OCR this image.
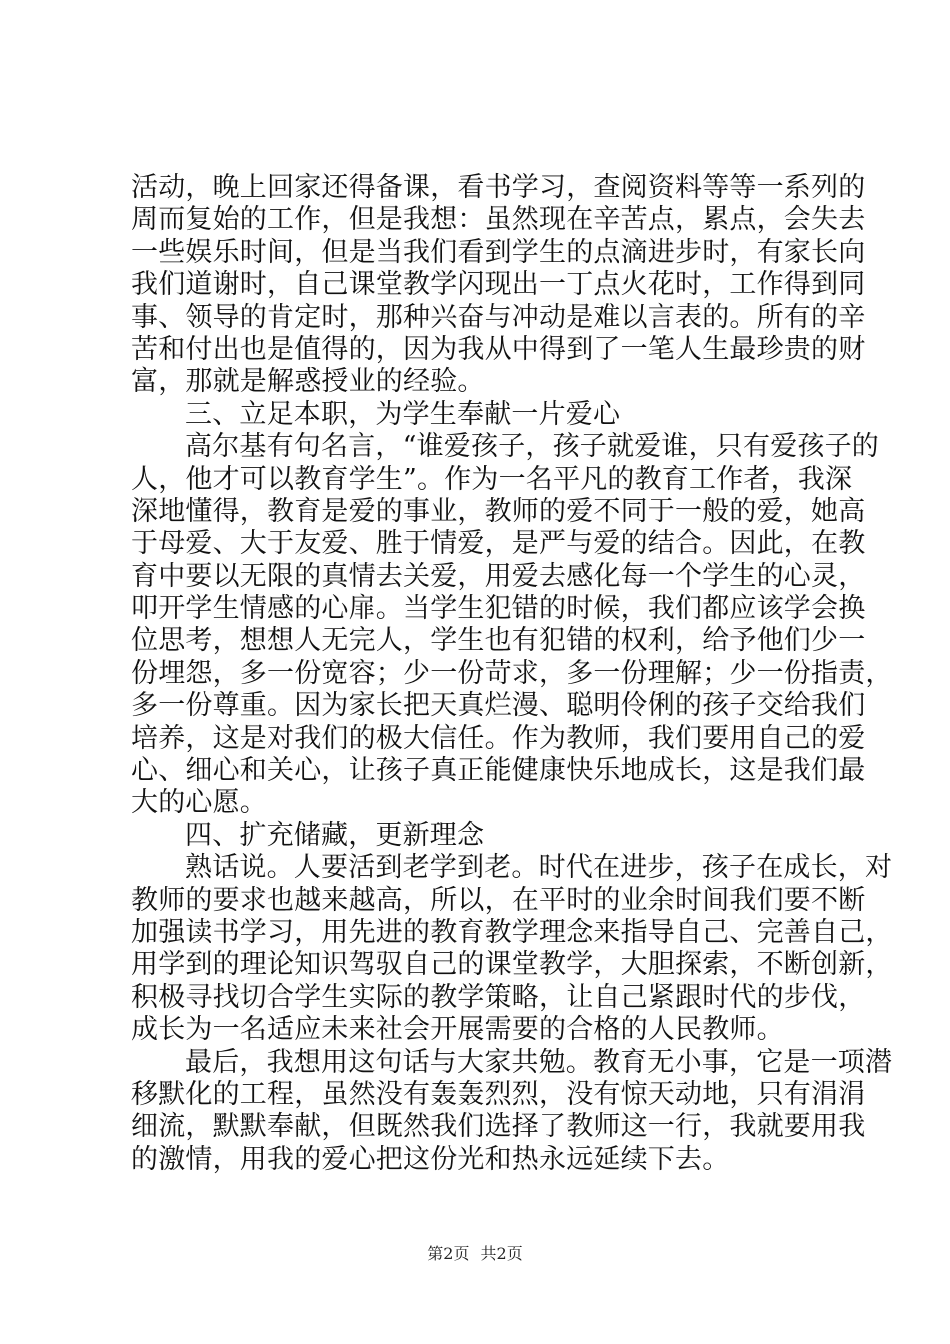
活动，晚上回家还得备课，看书学习，查阅资料等等一系列的
周而复始的工作，但是我想：虽然现在辛苦点，累点，会失去
一些娱乐时间，但是当我们看到学生的点滴进步时，有家长向
我们道谢时，自己课堂教学闪现出一丁点火花时，工作得到同
事、领导的肯定时，那种兴奋与冲动是难以言表的。所有的辛
苦和付出也是值得的，因为我从中得到了一笔人生最珍贵的财
富，那就是解惑授业的经验。
三、立足本职，为学生奉献一片爱心
高尔基有句名言，“谁爱孩子，孩子就爱谁，只有爱孩子的
人，他才可以教育学生”。作为一名平凡的教育工作者，我深
深地懂得，教育是爱的事业，教师的爱不同于一般的爱，她高
于母爱、大于友爱、胜于情爱，是严与爱的结合。因此，在教
育中要以无限的真情去关爱，用爱去感化每一个学生的心灵，
叩开学生情感的心扉。当学生犯错的时候，我们都应该学会换
位思考，想想人无完人，学生也有犯错的权利，给予他们少一
份埋怨，多一份宽容；少一份苛求，多一份理解；少一份指责，
多一份尊重。因为家长把天真烂漫、聪明伶俐的孩子交给我们
培养，这是对我们的极大信任。作为教师，我们要用自己的爱
心、细心和关心，让孩子真正能健康快乐地成长，这是我们最
大的心愿。
四、扩充储藏，更新理念
熟话说。人要活到老学到老。时代在进步，孩子在成长，对
教师的要求也越来越高，所以，在平时的业余时间我们要不断
加强读书学习，用先进的教育教学理念来指导自己、完善自己，
用学到的理论知识驾驭自己的课堂教学，大胆探索，不断创新，
积极寻找切合学生实际的教学策略，让自己紧跟时代的步伐，
成长为一名适应未来社会开展需要的合格的人民教师。
最后，我想用这句话与大家共勉。教育无小事，它是一项潜
移默化的工程，虽然没有轰轰烈烈，没有惊天动地，只有涓涓
细流，默默奉献，但既然我们选择了教师这一行，我就要用我
的激情，用我的爱心把这份光和热永远延续下去。
第2页 共2页
